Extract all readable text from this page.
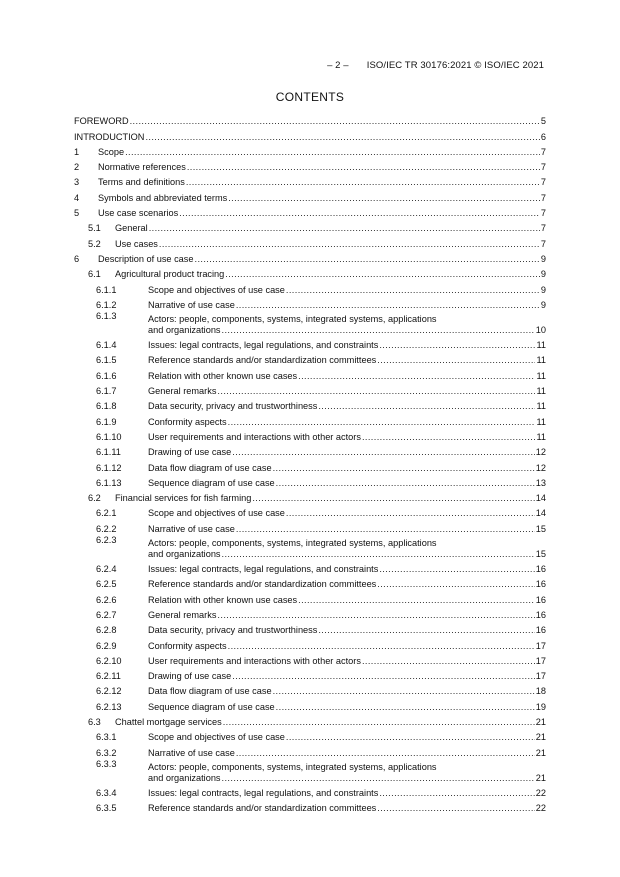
– 2 – ISO/IEC TR 30176:2021 © ISO/IEC 2021
CONTENTS
FOREWORD .....	5
INTRODUCTION .....	6
1	Scope .....	7
2	Normative references .....	7
3	Terms and definitions .....	7
4	Symbols and abbreviated terms .....	7
5	Use case scenarios .....	7
5.1	General .....	7
5.2	Use cases .....	7
6	Description of use case .....	9
6.1	Agricultural product tracing .....	9
6.1.1	Scope and objectives of use case .....	9
6.1.2	Narrative of use case .....	9
6.1.3	Actors: people, components, systems, integrated systems, applications
and organizations .....	10
6.1.4	Issues: legal contracts, legal regulations, and constraints .....	11
6.1.5	Reference standards and/or standardization committees .....	11
6.1.6	Relation with other known use cases .....	11
6.1.7	General remarks .....	11
6.1.8	Data security, privacy and trustworthiness .....	11
6.1.9	Conformity aspects .....	11
6.1.10	User requirements and interactions with other actors .....	11
6.1.11	Drawing of use case .....	12
6.1.12	Data flow diagram of use case .....	12
6.1.13	Sequence diagram of use case .....	13
6.2	Financial services for fish farming .....	14
6.2.1	Scope and objectives of use case .....	14
6.2.2	Narrative of use case .....	15
6.2.3	Actors: people, components, systems, integrated systems, applications
and organizations .....	15
6.2.4	Issues: legal contracts, legal regulations, and constraints .....	16
6.2.5	Reference standards and/or standardization committees .....	16
6.2.6	Relation with other known use cases .....	16
6.2.7	General remarks .....	16
6.2.8	Data security, privacy and trustworthiness .....	16
6.2.9	Conformity aspects .....	17
6.2.10	User requirements and interactions with other actors .....	17
6.2.11	Drawing of use case .....	17
6.2.12	Data flow diagram of use case .....	18
6.2.13	Sequence diagram of use case .....	19
6.3	Chattel mortgage services .....	21
6.3.1	Scope and objectives of use case .....	21
6.3.2	Narrative of use case .....	21
6.3.3	Actors: people, components, systems, integrated systems, applications
and organizations .....	21
6.3.4	Issues: legal contracts, legal regulations, and constraints .....	22
6.3.5	Reference standards and/or standardization committees .....	22
